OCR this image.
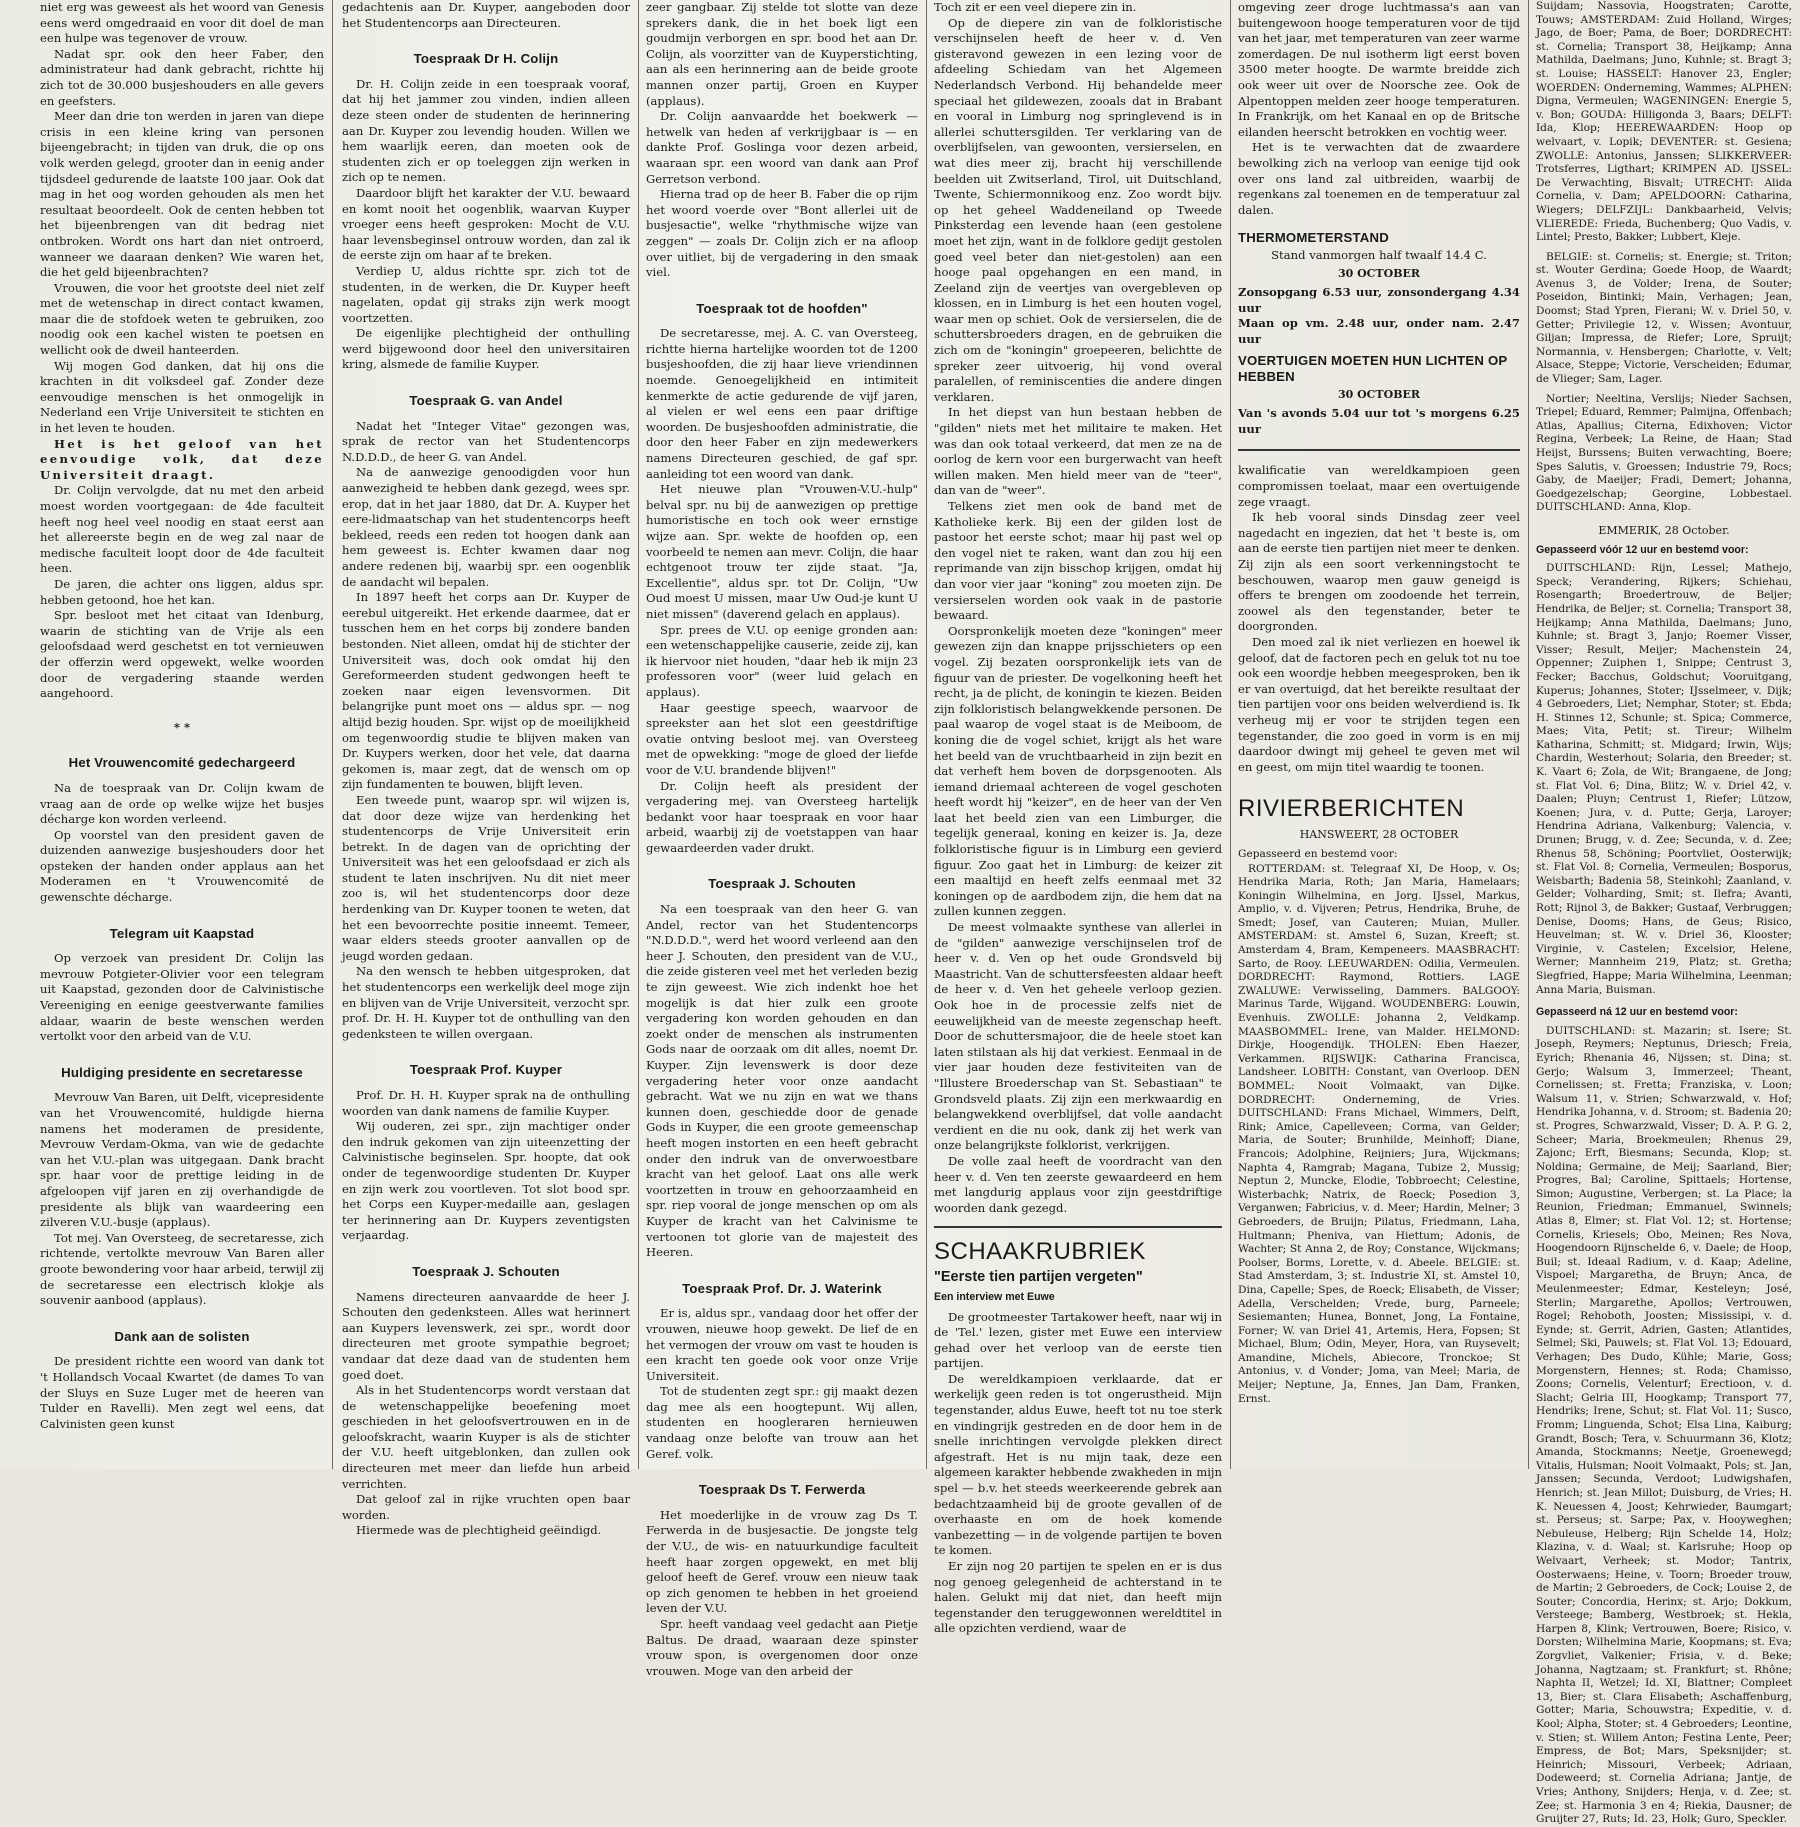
niet erg was geweest als het woord van Genesis eens werd omgedraaid en voor dit doel de man een hulpe was tegenover de vrouw.

Nadat spr. ook den heer Faber, den administrateur had dank gebracht, richtte hij zich tot de 30.000 busjeshouders en alle gevers en geefsters.

Meer dan drie ton werden in jaren van diepe crisis in een kleine kring van personen bijeengebracht; in tijden van druk, die op ons volk werden gelegd, grooter dan in eenig ander tijdsdeel gedurende de laatste 100 jaar. Ook dat mag in het oog worden gehouden als men het resultaat beoordeelt. Ook de centen hebben tot het bijeenbrengen van dit bedrag niet ontbroken. Wordt ons hart dan niet ontroerd, wanneer we daaraan denken? Wie waren het, die het geld bijeenbrachten?

Vrouwen, die voor het grootste deel niet zelf met de wetenschap in direct contact kwamen, maar die de stofdoek weten te gebruiken, zoo noodig ook een kachel wisten te poetsen en wellicht ook de dweil hanteerden.

Wij mogen God danken, dat hij ons die krachten in dit volksdeel gaf. Zonder deze eenvoudige menschen is het onmogelijk in Nederland een Vrije Universiteit te stichten en in het leven te houden.

Het is het geloof van het eenvoudige volk, dat deze Universiteit draagt.

Dr. Colijn vervolgde, dat nu met den arbeid moest worden voortgegaan: de 4de faculteit heeft nog heel veel noodig en staat eerst aan het allereerste begin en de weg zal naar de medische faculteit loopt door de 4de faculteit heen.

De jaren, die achter ons liggen, aldus spr. hebben getoond, hoe het kan.

Spr. besloot met het citaat van Idenburg, waarin de stichting van de Vrije als een geloofsdaad werd geschetst en tot vernieuwen der offerzin werd opgewekt, welke woorden door de vergadering staande werden aangehoord.

* *
Het Vrouwencomité gedechargeerd

Na de toespraak van Dr. Colijn kwam de vraag aan de orde op welke wijze het busjes décharge kon worden verleend.

Op voorstel van den president gaven de duizenden aanwezige busjeshouders door het opsteken der handen onder applaus aan het Moderamen en 't Vrouwencomité de gewenschte décharge.

Telegram uit Kaapstad

Op verzoek van president Dr. Colijn las mevrouw Potgieter-Olivier voor een telegram uit Kaapstad, gezonden door de Calvinistische Vereeniging en eenige geestverwante families aldaar, waarin de beste wenschen werden vertolkt voor den arbeid van de V.U.

Huldiging presidente en secretaresse

Mevrouw Van Baren, uit Delft, vicepresidente van het Vrouwencomité, huldigde hierna namens het moderamen de presidente, Mevrouw Verdam-Okma, van wie de gedachte van het V.U.-plan was uitgegaan. Dank bracht spr. haar voor de prettige leiding in de afgeloopen vijf jaren en zij overhandigde de presidente als blijk van waardeering een zilveren V.U.-busje (applaus).

Tot mej. Van Oversteeg, de secretaresse, zich richtende, vertolkte mevrouw Van Baren aller groote bewondering voor haar arbeid, terwijl zij de secretaresse een electrisch klokje als souvenir aanbood (applaus).

Dank aan de solisten

De president richtte een woord van dank tot 't Hollandsch Vocaal Kwartet (de dames To van der Sluys en Suze Luger met de heeren van Tulder en Ravelli). Men zegt wel eens, dat Calvinisten geen kunst

gedachtenis aan Dr. Kuyper, aangeboden door het Studentencorps aan Directeuren.

Toespraak Dr H. Colijn

Dr. H. Colijn zeide in een toespraak vooraf, dat hij het jammer zou vinden, indien alleen deze steen onder de studenten de herinnering aan Dr. Kuyper zou levendig houden. Willen we hem waarlijk eeren, dan moeten ook de studenten zich er op toeleggen zijn werken in zich op te nemen.

Daardoor blijft het karakter der V.U. bewaard en komt nooit het oogenblik, waarvan Kuyper vroeger eens heeft gesproken: Mocht de V.U. haar levensbeginsel ontrouw worden, dan zal ik de eerste zijn om haar af te breken.

Verdiep U, aldus richtte spr. zich tot de studenten, in de werken, die Dr. Kuyper heeft nagelaten, opdat gij straks zijn werk moogt voortzetten.

De eigenlijke plechtigheid der onthulling werd bijgewoond door heel den universitairen kring, alsmede de familie Kuyper.

Toespraak G. van Andel

Nadat het "Integer Vitae" gezongen was, sprak de rector van het Studentencorps N.D.D.D., de heer G. van Andel.

Na de aanwezige genoodigden voor hun aanwezigheid te hebben dank gezegd, wees spr. erop, dat in het jaar 1880, dat Dr. A. Kuyper het eere-lidmaatschap van het studentencorps heeft bekleed, reeds een reden tot hoogen dank aan hem geweest is. Echter kwamen daar nog andere redenen bij, waarbij spr. een oogenblik de aandacht wil bepalen.

In 1897 heeft het corps aan Dr. Kuyper de eerebul uitgereikt. Het erkende daarmee, dat er tusschen hem en het corps bij zondere banden bestonden. Niet alleen, omdat hij de stichter der Universiteit was, doch ook omdat hij den Gereformeerden student gedwongen heeft te zoeken naar eigen levensvormen. Dit belangrijke punt moet ons — aldus spr. — nog altijd bezig houden. Spr. wijst op de moeilijkheid om tegenwoordig studie te blijven maken van Dr. Kuypers werken, door het vele, dat daarna gekomen is, maar zegt, dat de wensch om op zijn fundamenten te bouwen, blijft leven.

Een tweede punt, waarop spr. wil wijzen is, dat door deze wijze van herdenking het studentencorps de Vrije Universiteit erin betrekt. In de dagen van de oprichting der Universiteit was het een geloofsdaad er zich als student te laten inschrijven. Nu dit niet meer zoo is, wil het studentencorps door deze herdenking van Dr. Kuyper toonen te weten, dat het een bevoorrechte positie inneemt. Temeer, waar elders steeds grooter aanvallen op de jeugd worden gedaan.

Na den wensch te hebben uitgesproken, dat het studentencorps een werkelijk deel moge zijn en blijven van de Vrije Universiteit, verzocht spr. prof. Dr. H. H. Kuyper tot de onthulling van den gedenksteen te willen overgaan.

Toespraak Prof. Kuyper

Prof. Dr. H. H. Kuyper sprak na de onthulling woorden van dank namens de familie Kuyper.

Wij ouderen, zei spr., zijn machtiger onder den indruk gekomen van zijn uiteenzetting der Calvinistische beginselen. Spr. hoopte, dat ook onder de tegenwoordige studenten Dr. Kuyper en zijn werk zou voortleven. Tot slot bood spr. het Corps een Kuyper-medaille aan, geslagen ter herinnering aan Dr. Kuypers zeventigsten verjaardag.

Toespraak J. Schouten

Namens directeuren aanvaardde de heer J. Schouten den gedenksteen. Alles wat herinnert aan Kuypers levenswerk, zei spr., wordt door directeuren met groote sympathie begroet; vandaar dat deze daad van de studenten hem goed doet.

Als in het Studentencorps wordt verstaan dat de wetenschappelijke beoefening moet geschieden in het geloofsvertrouwen en in de geloofskracht, waarin Kuyper is als de stichter der V.U. heeft uitgeblonken, dan zullen ook directeuren met meer dan liefde hun arbeid verrichten.

Dat geloof zal in rijke vruchten open baar worden.

Hiermede was de plechtigheid geëindigd.

zeer gangbaar. Zij stelde tot slotte van deze sprekers dank, die in het boek ligt een goudmijn verborgen en spr. bood het aan Dr. Colijn, als voorzitter van de Kuyperstichting, aan als een herinnering aan de beide groote mannen onzer partij, Groen en Kuyper (applaus).

Dr. Colijn aanvaardde het boekwerk — hetwelk van heden af verkrijgbaar is — en dankte Prof. Goslinga voor dezen arbeid, waaraan spr. een woord van dank aan Prof Gerretson verbond.

Hierna trad op de heer B. Faber die op rijm het woord voerde over "Bont allerlei uit de busjesactie", welke "rhythmische wijze van zeggen" — zoals Dr. Colijn zich er na afloop over uitliet, bij de vergadering in den smaak viel.

Toespraak tot de hoofden"

De secretaresse, mej. A. C. van Oversteeg, richtte hierna hartelijke woorden tot de 1200 busjeshoofden, die zij haar lieve vriendinnen noemde. Genoegelijkheid en intimiteit kenmerkte de actie gedurende de vijf jaren, al vielen er wel eens een paar driftige woorden. De busjeshoofden administratie, die door den heer Faber en zijn medewerkers namens Directeuren geschied, de gaf spr. aanleiding tot een woord van dank.

Het nieuwe plan "Vrouwen-V.U.-hulp" belval spr. nu bij de aanwezigen op prettige humoristische en toch ook weer ernstige wijze aan. Spr. wekte de hoofden op, een voorbeeld te nemen aan mevr. Colijn, die haar echtgenoot trouw ter zijde staat. "Ja, Excellentie", aldus spr. tot Dr. Colijn, "Uw Oud moest U missen, maar Uw Oud-je kunt U niet missen" (daverend gelach en applaus).

Spr. prees de V.U. op eenige gronden aan: een wetenschappelijke causerie, zeide zij, kan ik hiervoor niet houden, "daar heb ik mijn 23 professoren voor" (weer luid gelach en applaus).

Haar geestige speech, waarvoor de spreekster aan het slot een geestdriftige ovatie ontving besloot mej. van Oversteeg met de opwekking: "moge de gloed der liefde voor de V.U. brandende blijven!"

Dr. Colijn heeft als president der vergadering mej. van Oversteeg hartelijk bedankt voor haar toespraak en voor haar arbeid, waarbij zij de voetstappen van haar gewaardeerden vader drukt.

Toespraak J. Schouten

Na een toespraak van den heer G. van Andel, rector van het Studentencorps "N.D.D.D.", werd het woord verleend aan den heer J. Schouten, den president van de V.U., die zeide gisteren veel met het verleden bezig te zijn geweest. Wie zich indenkt hoe het mogelijk is dat hier zulk een groote vergadering kon worden gehouden en dan zoekt onder de menschen als instrumenten Gods naar de oorzaak om dit alles, noemt Dr. Kuyper. Zijn levenswerk is door deze vergadering heter voor onze aandacht gebracht. Wat we nu zijn en wat we thans kunnen doen, geschiedde door de genade Gods in Kuyper, die een groote gemeenschap heeft mogen instorten en een heeft gebracht onder den indruk van de onverwoestbare kracht van het geloof. Laat ons alle werk voortzetten in trouw en gehoorzaamheid en spr. riep vooral de jonge menschen op om als Kuyper de kracht van het Calvinisme te vertoonen tot glorie van de majesteit des Heeren.

Toespraak Prof. Dr. J. Waterink

Er is, aldus spr., vandaag door het offer der vrouwen, nieuwe hoop gewekt. De lief de en het vermogen der vrouw om vast te houden is een kracht ten goede ook voor onze Vrije Universiteit.

Tot de studenten zegt spr.: gij maakt dezen dag mee als een hoogtepunt. Wij allen, studenten en hoogleraren hernieuwen vandaag onze belofte van trouw aan het Geref. volk.

Toespraak Ds T. Ferwerda

Het moederlijke in de vrouw zag Ds T. Ferwerda in de busjesactie. De jongste telg der V.U., de wis- en natuurkundige faculteit heeft haar zorgen opgewekt, en met blij geloof heeft de Geref. vrouw een nieuw taak op zich genomen te hebben in het groeiend leven der V.U.

Spr. heeft vandaag veel gedacht aan Pietje Baltus. De draad, waaraan deze spinster vrouw spon, is overgenomen door onze vrouwen. Moge van den arbeid der

Toch zit er een veel diepere zin in.

Op de diepere zin van de folkloristische verschijnselen heeft de heer v. d. Ven gisteravond gewezen in een lezing voor de afdeeling Schiedam van het Algemeen Nederlandsch Verbond. Hij behandelde meer speciaal het gildewezen, zooals dat in Brabant en vooral in Limburg nog springlevend is in allerlei schuttersgilden. Ter verklaring van de overblijfselen, van gewoonten, versierselen, en wat dies meer zij, bracht hij verschillende beelden uit Zwitserland, Tirol, uit Duitschland, Twente, Schiermonnikoog enz. Zoo wordt bijv. op het geheel Waddeneiland op Tweede Pinksterdag een levende haan (een gestolene moet het zijn, want in de folklore gedijt gestolen goed veel beter dan niet-gestolen) aan een hooge paal opgehangen en een mand, in Zeeland zijn de veertjes van overgebleven op klossen, en in Limburg is het een houten vogel, waar men op schiet. Ook de versierselen, die de schuttersbroeders dragen, en de gebruiken die zich om de "koningin" groepeeren, belichtte de spreker zeer uitvoerig, hij vond overal paralellen, of reminiscenties die andere dingen verklaren.

In het diepst van hun bestaan hebben de "gilden" niets met het militaire te maken. Het was dan ook totaal verkeerd, dat men ze na de oorlog de kern voor een burgerwacht van heeft willen maken. Men hield meer van de "teer", dan van de "weer".

Telkens ziet men ook de band met de Katholieke kerk. Bij een der gilden lost de pastoor het eerste schot; maar hij past wel op den vogel niet te raken, want dan zou hij een reprimande van zijn bisschop krijgen, omdat hij dan voor vier jaar "koning" zou moeten zijn. De versierselen worden ook vaak in de pastorie bewaard.

Oorspronkelijk moeten deze "koningen" meer gewezen zijn dan knappe prijsschieters op een vogel. Zij bezaten oorspronkelijk iets van de figuur van de priester. De vogelkoning heeft het recht, ja de plicht, de koningin te kiezen. Beiden zijn folkloristisch belangwekkende personen. De paal waarop de vogel staat is de Meiboom, de koning die de vogel schiet, krijgt als het ware het beeld van de vruchtbaarheid in zijn bezit en dat verheft hem boven de dorpsgenooten. Als iemand driemaal achtereen de vogel geschoten heeft wordt hij "keizer", en de heer van der Ven laat het beeld zien van een Limburger, die tegelijk generaal, koning en keizer is. Ja, deze folkloristische figuur is in Limburg een gevierd figuur. Zoo gaat het in Limburg: de keizer zit een maaltijd en heeft zelfs eenmaal met 32 koningen op de aardbodem zijn, die hem dat na zullen kunnen zeggen.

De meest volmaakte synthese van allerlei in de "gilden" aanwezige verschijnselen trof de heer v. d. Ven op het oude Grondsveld bij Maastricht. Van de schuttersfeesten aldaar heeft de heer v. d. Ven het geheele verloop gezien. Ook hoe in de processie zelfs niet de eeuwelijkheid van de meeste zegenschap heeft. Door de schuttersmajoor, die de heele stoet kan laten stilstaan als hij dat verkiest. Eenmaal in de vier jaar houden deze festiviteiten van de "Illustere Broederschap van St. Sebastiaan" te Grondsveld plaats. Zij zijn een merkwaardig en belangwekkend overblijfsel, dat volle aandacht verdient en die nu ook, dank zij het werk van onze belangrijkste folklorist, verkrijgen.

De volle zaal heeft de voordracht van den heer v. d. Ven ten zeerste gewaardeerd en hem met langdurig applaus voor zijn geestdriftige woorden dank gezegd.

SCHAAKRUBRIEK
"Eerste tien partijen vergeten"
Een interview met Euwe

De grootmeester Tartakower heeft, naar wij in de 'Tel.' lezen, gister met Euwe een interview gehad over het verloop van de eerste tien partijen.

De wereldkampioen verklaarde, dat er werkelijk geen reden is tot ongerustheid. Mijn tegenstander, aldus Euwe, heeft tot nu toe sterk en vindingrijk gestreden en de door hem in de snelle inrichtingen vervolgde plekken direct afgestraft. Het is nu mijn taak, deze een algemeen karakter hebbende zwakheden in mijn spel — b.v. het steeds weerkeerende gebrek aan bedachtzaamheid bij de groote gevallen of de overhaaste en om de hoek komende vanbezetting — in de volgende partijen te boven te komen.

Er zijn nog 20 partijen te spelen en er is dus nog genoeg gelegenheid de achterstand in te halen. Gelukt mij dat niet, dan heeft mijn tegenstander den teruggewonnen wereldtitel in alle opzichten verdiend, waar de

omgeving zeer droge luchtmassa's aan van buitengewoon hooge temperaturen voor de tijd van het jaar, met temperaturen van zeer warme zomerdagen. De nul isotherm ligt eerst boven 3500 meter hoogte. De warmte breidde zich ook weer uit over de Noorsche zee. Ook de Alpentoppen melden zeer hooge temperaturen. In Frankrijk, om het Kanaal en op de Britsche eilanden heerscht betrokken en vochtig weer.

Het is te verwachten dat de zwaardere bewolking zich na verloop van eenige tijd ook over ons land zal uitbreiden, waarbij de regenkans zal toenemen en de temperatuur zal dalen.

THERMOMETERSTAND
Stand vanmorgen half twaalf 14.4 C.
30 OCTOBER
Zonsopgang 6.53 uur, zonsondergang 4.34 uur
Maan op vm. 2.48 uur, onder nam. 2.47 uur
VOERTUIGEN MOETEN HUN LICHTEN OP HEBBEN
30 OCTOBER
Van 's avonds 5.04 uur tot 's morgens 6.25 uur

kwalificatie van wereldkampioen geen compromissen toelaat, maar een overtuigende zege vraagt.

Ik heb vooral sinds Dinsdag zeer veel nagedacht en ingezien, dat het 't beste is, om aan de eerste tien partijen niet meer te denken. Zij zijn als een soort verkenningstocht te beschouwen, waarop men gauw geneigd is offers te brengen om zoodoende het terrein, zoowel als den tegenstander, beter te doorgronden.

Den moed zal ik niet verliezen en hoewel ik geloof, dat de factoren pech en geluk tot nu toe ook een woordje hebben meegesproken, ben ik er van overtuigd, dat het bereikte resultaat der tien partijen voor ons beiden welverdiend is. Ik verheug mij er voor te strijden tegen een tegenstander, die zoo goed in vorm is en mij daardoor dwingt mij geheel te geven met wil en geest, om mijn titel waardig te toonen.

RIVIERBERICHTEN
HANSWEERT, 28 OCTOBER

Gepasseerd en bestemd voor:

ROTTERDAM: st. Telegraaf XI, De Hoop, v. Os; Hendrika Maria, Roth; Jan Maria, Hamelaars; Koningin Wilhelmina, en Jorg. IJssel, Markus, Amplio, v. d. Vijveren; Petrus, Hendrika, Bruhe, de Smedt; Josef, van Cauteren; Muian, Muller. AMSTERDAM: st. Amstel 6, Suzan, Kreeft; st. Amsterdam 4, Bram, Kempeneers. MAASBRACHT: Sarto, de Rooy. LEEUWARDEN: Odilia, Vermeulen. DORDRECHT: Raymond, Rottiers. LAGE ZWALUWE: Verwisseling, Dammers. BALGOOY: Marinus Tarde, Wijgand. WOUDENBERG: Louwin, Evenhuis. ZWOLLE: Johanna 2, Veldkamp. MAASBOMMEL: Irene, van Malder. HELMOND: Dirkje, Hoogendijk. THOLEN: Eben Haezer, Verkammen. RIJSWIJK: Catharina Francisca, Landsheer. LOBITH: Constant, van Overloop. DEN BOMMEL: Nooit Volmaakt, van Dijke. DORDRECHT: Onderneming, de Vries. DUITSCHLAND: Frans Michael, Wimmers, Delft, Rink; Amice, Capelleveen; Corma, van Gelder; Maria, de Souter; Brunhilde, Meinhoff; Diane, Francois; Adolphine, Reijniers; Jura, Wijckmans; Naphta 4, Ramgrab; Magana, Tubize 2, Mussig; Neptun 2, Muncke, Elodie, Tobbroecht; Celestine, Wisterbachk; Natrix, de Roeck; Posedion 3, Verganwen; Fabricius, v. d. Meer; Hardin, Melner; 3 Gebroeders, de Bruijn; Pilatus, Friedmann, Laha, Hultmann; Pheniva, van Hiettum; Adonis, de Wachter; St Anna 2, de Roy; Constance, Wijckmans; Poolser, Borms, Lorette, v. d. Abeele. BELGIE: st. Stad Amsterdam, 3; st. Industrie XI, st. Amstel 10, Dina, Capelle; Spes, de Roeck; Elisabeth, de Visser; Adella, Verschelden; Vrede, burg, Parneele; Sesiemanten; Hunea, Bonnet, Jong, La Fontaine, Forner; W. van Driel 41, Artemis, Hera, Fopsen; St Michael, Blum; Odin, Meyer, Hora, van Ruysevelt; Amandine, Michels, Abiecore, Tronckoe; St Antonius, v. d Vonder; Joma, van Meel; Maria, de Meijer; Neptune, Ja, Ennes, Jan Dam, Franken, Ernst.

Suijdam; Nassovia, Hoogstraten; Carotte, Touws; AMSTERDAM: Zuid Holland, Wirges; Jago, de Boer; Pama, de Boer; DORDRECHT: st. Cornelia; Transport 38, Heijkamp; Anna Mathilda, Daelmans; Juno, Kuhnle; st. Bragt 3; st. Louise; HASSELT: Hanover 23, Engler; WOERDEN: Onderneming, Wammes; ALPHEN: Digna, Vermeulen; WAGENINGEN: Energie 5, v. Bon; GOUDA: Hilligonda 3, Baars; DELFT: Ida, Klop; HEEREWAARDEN: Hoop op welvaart, v. Lopik; DEVENTER: st. Gesiena; ZWOLLE: Antonius, Janssen; SLIKKERVEER: Trotsferres, Ligthart; KRIMPEN AD. IJSSEL: De Verwachting, Bisvalt; UTRECHT: Alida Cornelia, v. Dam; APELDOORN: Catharina, Wiegers; DELFZIJL: Dankbaarheid, Velvis; VLIEREDE: Frieda, Buchenberg; Quo Vadis, v. Lintel; Presto, Bakker; Lubbert, Kleje.

BELGIE: st. Cornelis; st. Energie; st. Triton; st. Wouter Gerdina; Goede Hoop, de Waardt; Avenus 3, de Volder; Irena, de Souter; Poseidon, Bintinki; Main, Verhagen; Jean, Doomst; Stad Ypren, Fierani; W. v. Driel 50, v. Getter; Privilegie 12, v. Wissen; Avontuur, Giljan; Impressa, de Riefer; Lore, Spruijt; Normannia, v. Hensbergen; Charlotte, v. Velt; Alsace, Steppe; Victorie, Verscheiden; Edumar, de Vlieger; Sam, Lager.

Nortier; Neeltina, Verslijs; Nieder Sachsen, Triepel; Eduard, Remmer; Palmijna, Offenbach; Atlas, Apallius; Citerna, Edixhoven; Victor Regina, Verbeek; La Reine, de Haan; Stad Heijst, Burssens; Buiten verwachting, Boere; Spes Salutis, v. Groessen; Industrie 79, Rocs; Gaby, de Maeijer; Fradi, Demert; Johanna, Goedgezelschap; Georgine, Lobbestael. DUITSCHLAND: Anna, Klop.

EMMERIK, 28 October.
Gepasseerd vóór 12 uur en bestemd voor:

DUITSCHLAND: Rijn, Lessel; Mathejo, Speck; Verandering, Rijkers; Schiehau, Rosengarth; Broedertrouw, de Beljer; Hendrika, de Beljer; st. Cornelia; Transport 38, Heijkamp; Anna Mathilda, Daelmans; Juno, Kuhnle; st. Bragt 3, Janjo; Roemer Visser, Visser; Result, Meijer; Machenstein 24, Oppenner; Zuiphen 1, Snippe; Centrust 3, Fecker; Bacchus, Goldschut; Vooruitgang, Kuperus; Johannes, Stoter; IJsselmeer, v. Dijk; 4 Gebroeders, Liet; Nemphar, Stoter; st. Ebda; H. Stinnes 12, Schunle; st. Spica; Commerce, Maes; Vita, Petit; st. Tireur; Wilhelm Katharina, Schmitt; st. Midgard; Irwin, Wijs; Chardin, Westerhout; Solaria, den Breeder; st. K. Vaart 6; Zola, de Wit; Brangaene, de Jong; st. Flat Vol. 6; Dina, Blitz; W. v. Driel 42, v. Daalen; Pluyn; Centrust 1, Riefer; Lützow, Koenen; Jura, v. d. Putte; Gerja, Laroyer; Hendrina Adriana, Valkenburg; Valencia, v. Drunen; Brugg, v. d. Zee; Secunda, v. d. Zee; Rhenus 58, Schöning; Poortvliet, Oosterwijk; st. Flat Vol. 8; Cornelia, Vermeulen; Bosporus, Weisbarth; Badenia 58, Steinkohl; Zaanland, v. Gelder; Volharding, Smit; st. Ilefra; Avanti, Rott; Rijnol 3, de Bakker; Gustaaf, Verbruggen; Denise, Dooms; Hans, de Geus; Risico, Heuvelman; st. W. v. Driel 36, Klooster; Virginie, v. Castelen; Excelsior, Helene, Werner; Mannheim 219, Platz; st. Gretha; Siegfried, Happe; Maria Wilhelmina, Leenman; Anna Maria, Buisman.

Gepasseerd ná 12 uur en bestemd voor:

DUITSCHLAND: st. Mazarin; st. Isere; St. Joseph, Reymers; Neptunus, Driesch; Freia, Eyrich; Rhenania 46, Nijssen; st. Dina; st. Gerjo; Walsum 3, Immerzeel; Theant, Cornelissen; st. Fretta; Franziska, v. Loon; Walsum 11, v. Strien; Schwarzwald, v. Hof; Hendrika Johanna, v. d. Stroom; st. Badenia 20; st. Progres, Schwarzwald, Visser; D. A. P. G. 2, Scheer; Maria, Broekmeulen; Rhenus 29, Zajonc; Erft, Biesmans; Secunda, Klop; st. Noldina; Germaine, de Meij; Saarland, Bier; Progres, Bal; Caroline, Spittaels; Hortense, Simon; Augustine, Verbergen; st. La Place; la Reunion, Friedman; Emmanuel, Swinnels; Atlas 8, Elmer; st. Flat Vol. 12; st. Hortense; Cornelis, Kriesels; Obo, Meinen; Res Nova, Hoogendoorn Rijnschelde 6, v. Daele; de Hoop, Buil; st. Ideaal Radium, v. d. Kaap; Adeline, Vispoel; Margaretha, de Bruyn; Anca, de Meulenmeester; Edmar, Kesteleyn; José, Sterlin; Margarethe, Apollos; Vertrouwen, Rogel; Rehoboth, Joosten; Mississipi, v. d. Eynde; st. Gerrit, Adrien, Gasten; Atlantides, Selmel; Ski, Pauwels; st. Flat Vol. 13; Edouard, Verhagen; Des Dudo, Kühle; Marie, Goss; Morgenstern, Hennes; st. Roda; Chamisso, Zoons; Cornelis, Velenturf; Erectioon, v. d. Slacht; Gelria III, Hoogkamp; Transport 77, Hendriks; Irene, Schut; st. Flat Vol. 11; Susco, Fromm; Linguenda, Schot; Elsa Lina, Kaiburg; Grandt, Bosch; Tera, v. Schuurmann 36, Klotz; Amanda, Stockmanns; Neetje, Groenewegd; Vitalis, Hulsman; Nooit Volmaakt, Pols; st. Jan, Janssen; Secunda, Verdoot; Ludwigshafen, Henrich; st. Jean Millot; Duisburg, de Vries; H. K. Neuessen 4, Joost; Kehrwieder, Baumgart; st. Perseus; st. Sarpe; Pax, v. Hooyweghen; Nebuleuse, Helberg; Rijn Schelde 14, Holz; Klazina, v. d. Waal; st. Karlsruhe; Hoop op Welvaart, Verheek; st. Modor; Tantrix, Oosterwaens; Heine, v. Toorn; Broeder trouw, de Martin; 2 Gebroeders, de Cock; Louise 2, de Souter; Concordia, Herinx; st. Arjo; Dokkum, Versteege; Bamberg, Westbroek; st. Hekla, Harpen 8, Klink; Vertrouwen, Boere; Risico, v. Dorsten; Wilhelmina Marie, Koopmans; st. Eva; Zorgvliet, Valkenier; Frisia, v. d. Beke; Johanna, Nagtzaam; st. Frankfurt; st. Rhône; Naphta II, Wetzel; Id. XI, Blattner; Compleet 13, Bier; st. Clara Elisabeth; Aschaffenburg, Gotter; Maria, Schouwstra; Expeditie, v. d. Kool; Alpha, Stoter; st. 4 Gebroeders; Leontine, v. Stien; st. Willem Anton; Festina Lente, Peer; Empress, de Bot; Mars, Speksnijder; st. Heinrich; Missouri, Verbeek; Adriaan, Dodeweerd; st. Cornelia Adriana; Jantje, de Vries; Anthony, Snijders; Henja, v. d. Zee; st. Zee; st. Harmonia 3 en 4; Riekia, Dausner; de Gruijter 27, Ruts; Id. 23, Holk; Guro, Speckler.
